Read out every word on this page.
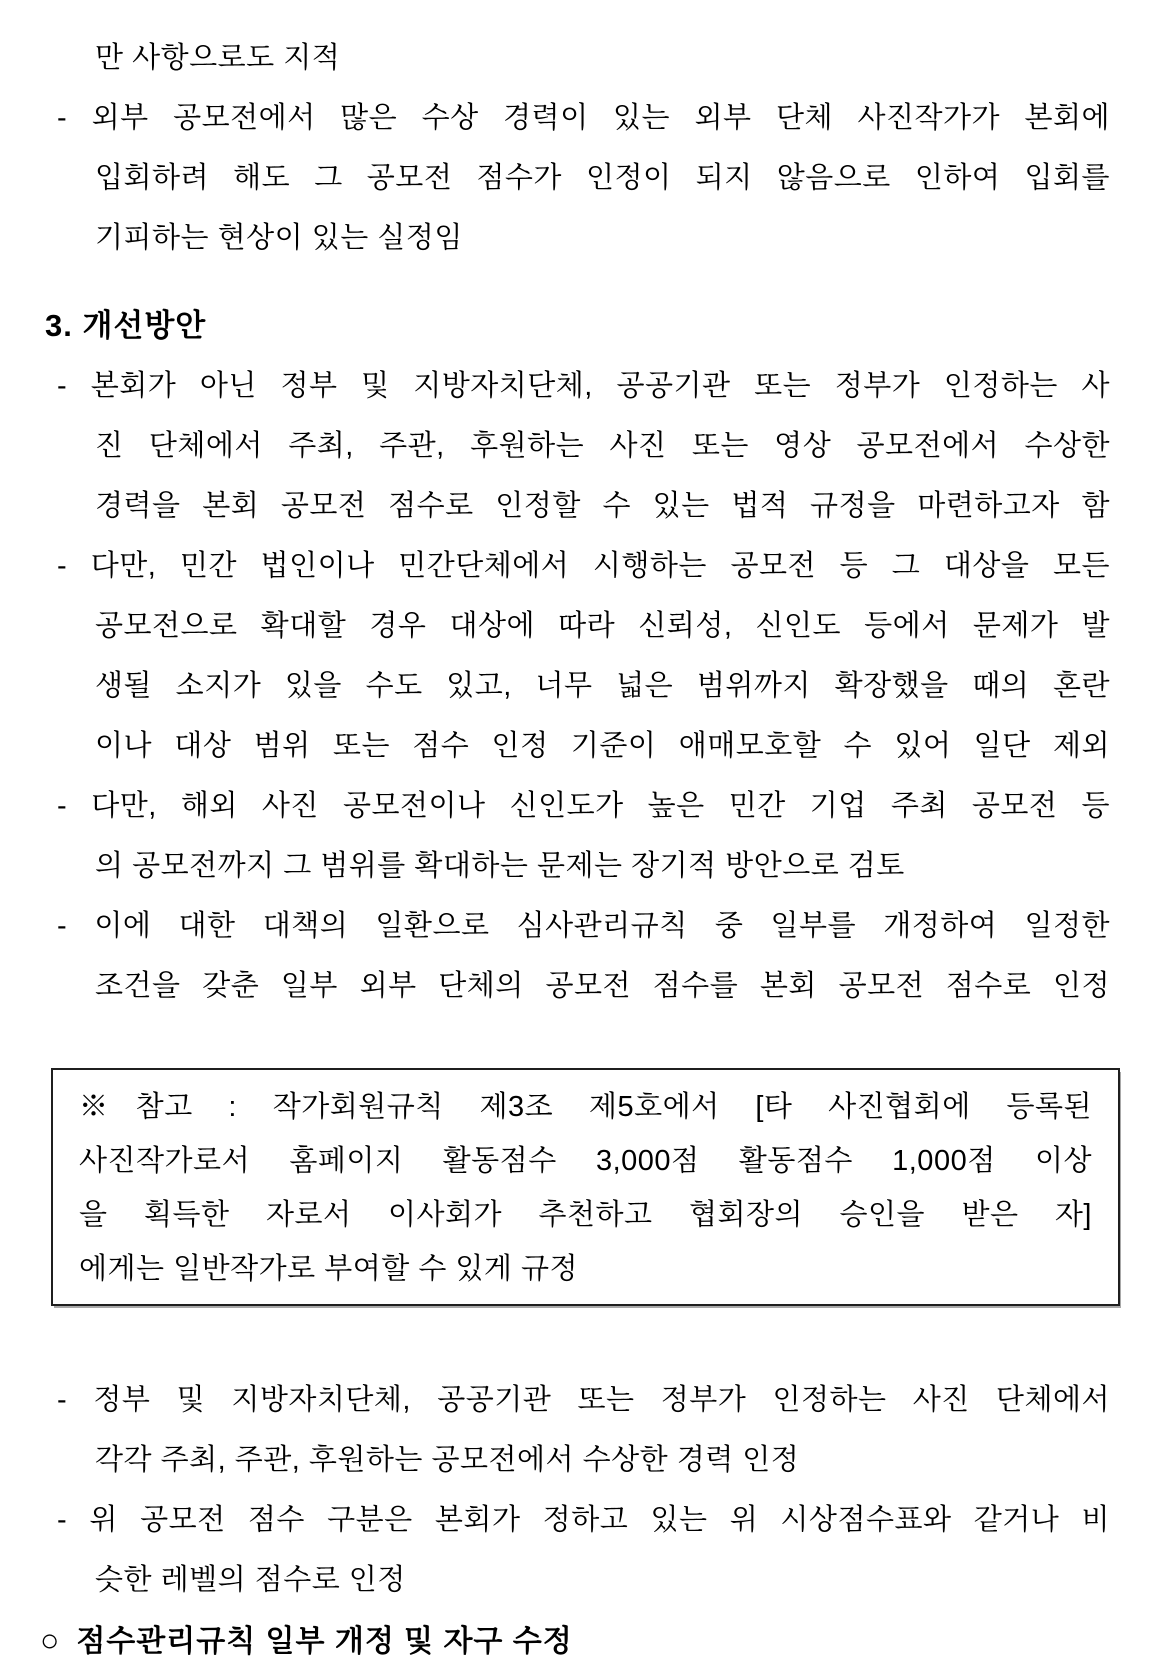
만 사항으로도 지적
- 외부 공모전에서 많은 수상 경력이 있는 외부 단체 사진작가가 본회에
입회하려 해도 그 공모전 점수가 인정이 되지 않음으로 인하여 입회를
기피하는 현상이 있는 실정임
3. 개선방안
- 본회가 아닌 정부 및 지방자치단체, 공공기관 또는 정부가 인정하는 사
진 단체에서 주최, 주관, 후원하는 사진 또는 영상 공모전에서 수상한
경력을 본회 공모전 점수로 인정할 수 있는 법적 규정을 마련하고자 함
- 다만, 민간 법인이나 민간단체에서 시행하는 공모전 등 그 대상을 모든
공모전으로 확대할 경우 대상에 따라 신뢰성, 신인도 등에서 문제가 발
생될 소지가 있을 수도 있고, 너무 넓은 범위까지 확장했을 때의 혼란
이나 대상 범위 또는 점수 인정 기준이 애매모호할 수 있어 일단 제외
- 다만, 해외 사진 공모전이나 신인도가 높은 민간 기업 주최 공모전 등
의 공모전까지 그 범위를 확대하는 문제는 장기적 방안으로 검토
- 이에 대한 대책의 일환으로 심사관리규칙 중 일부를 개정하여 일정한
조건을 갖춘 일부 외부 단체의 공모전 점수를 본회 공모전 점수로 인정
※참고 : 작가회원규칙 제3조 제5호에서 [타 사진협회에 등록된
사진작가로서 홈페이지 활동점수 3,000점 활동점수 1,000점 이상
을 획득한 자로서 이사회가 추천하고 협회장의 승인을 받은 자]
에게는 일반작가로 부여할 수 있게 규정
- 정부 및 지방자치단체, 공공기관 또는 정부가 인정하는 사진 단체에서
각각 주최, 주관, 후원하는 공모전에서 수상한 경력 인정
- 위 공모전 점수 구분은 본회가 정하고 있는 위 시상점수표와 같거나 비
슷한 레벨의 점수로 인정
○ 점수관리규칙 일부 개정 및 자구 수정
